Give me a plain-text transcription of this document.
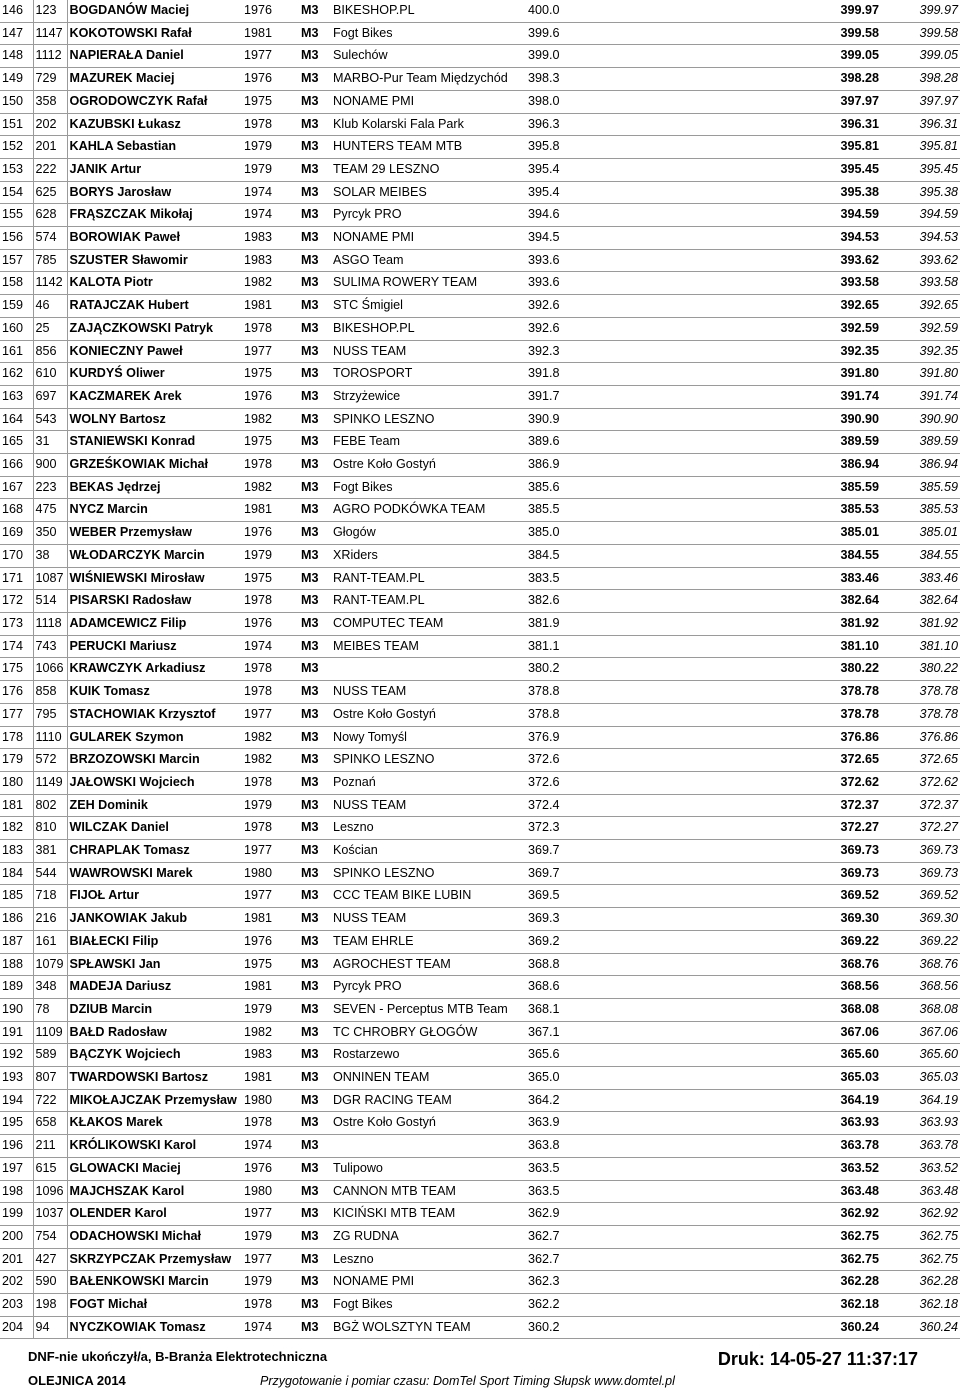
146	123	BOGDANÓW Maciej	1976	M3	BIKESHOP.PL	400.0	399.97	399.97
147	1147	KOKOTOWSKI Rafał	1981	M3	Fogt Bikes	399.6	399.58	399.58
148	1112	NAPIERAŁA Daniel	1977	M3	Sulechów	399.0	399.05	399.05
149	729	MAZUREK Maciej	1976	M3	MARBO-Pur Team Międzychód	398.3	398.28	398.28
150	358	OGRODOWCZYK Rafał	1975	M3	NONAME PMI	398.0	397.97	397.97
151	202	KAZUBSKI Łukasz	1978	M3	Klub Kolarski Fala Park	396.3	396.31	396.31
152	201	KAHLA Sebastian	1979	M3	HUNTERS TEAM MTB	395.8	395.81	395.81
153	222	JANIK Artur	1979	M3	TEAM 29 LESZNO	395.4	395.45	395.45
154	625	BORYS Jarosław	1974	M3	SOLAR MEIBES	395.4	395.38	395.38
155	628	FRĄSZCZAK Mikołaj	1974	M3	Pyrcyk PRO	394.6	394.59	394.59
156	574	BOROWIAK Paweł	1983	M3	NONAME PMI	394.5	394.53	394.53
157	785	SZUSTER Sławomir	1983	M3	ASGO Team	393.6	393.62	393.62
158	1142	KALOTA Piotr	1982	M3	SULIMA ROWERY TEAM	393.6	393.58	393.58
159	46	RATAJCZAK Hubert	1981	M3	STC Śmigiel	392.6	392.65	392.65
160	25	ZAJĄCZKOWSKI Patryk	1978	M3	BIKESHOP.PL	392.6	392.59	392.59
161	856	KONIECZNY Paweł	1977	M3	NUSS TEAM	392.3	392.35	392.35
162	610	KURDYŚ Oliwer	1975	M3	TOROSPORT	391.8	391.80	391.80
163	697	KACZMAREK Arek	1976	M3	Strzyżewice	391.7	391.74	391.74
164	543	WOLNY Bartosz	1982	M3	SPINKO LESZNO	390.9	390.90	390.90
165	31	STANIEWSKI Konrad	1975	M3	FEBE Team	389.6	389.59	389.59
166	900	GRZEŚKOWIAK Michał	1978	M3	Ostre Koło Gostyń	386.9	386.94	386.94
167	223	BEKAS Jędrzej	1982	M3	Fogt Bikes	385.6	385.59	385.59
168	475	NYCZ Marcin	1981	M3	AGRO PODKÓWKA TEAM	385.5	385.53	385.53
169	350	WEBER Przemysław	1976	M3	Głogów	385.0	385.01	385.01
170	38	WŁODARCZYK Marcin	1979	M3	XRiders	384.5	384.55	384.55
171	1087	WIŚNIEWSKI Mirosław	1975	M3	RANT-TEAM.PL	383.5	383.46	383.46
172	514	PISARSKI Radosław	1978	M3	RANT-TEAM.PL	382.6	382.64	382.64
173	1118	ADAMCEWICZ Filip	1976	M3	COMPUTEC TEAM	381.9	381.92	381.92
174	743	PERUCKI Mariusz	1974	M3	MEIBES TEAM	381.1	381.10	381.10
175	1066	KRAWCZYK Arkadiusz	1978	M3		380.2	380.22	380.22
176	858	KUIK Tomasz	1978	M3	NUSS TEAM	378.8	378.78	378.78
177	795	STACHOWIAK Krzysztof	1977	M3	Ostre Koło Gostyń	378.8	378.78	378.78
178	1110	GULAREK Szymon	1982	M3	Nowy Tomyśl	376.9	376.86	376.86
179	572	BRZOZOWSKI Marcin	1982	M3	SPINKO LESZNO	372.6	372.65	372.65
180	1149	JAŁOWSKI Wojciech	1978	M3	Poznań	372.6	372.62	372.62
181	802	ZEH Dominik	1979	M3	NUSS TEAM	372.4	372.37	372.37
182	810	WILCZAK Daniel	1978	M3	Leszno	372.3	372.27	372.27
183	381	CHRAPLAK Tomasz	1977	M3	Kościan	369.7	369.73	369.73
184	544	WAWROWSKI Marek	1980	M3	SPINKO LESZNO	369.7	369.73	369.73
185	718	FIJOŁ Artur	1977	M3	CCC TEAM BIKE LUBIN	369.5	369.52	369.52
186	216	JANKOWIAK Jakub	1981	M3	NUSS TEAM	369.3	369.30	369.30
187	161	BIAŁECKI Filip	1976	M3	TEAM EHRLE	369.2	369.22	369.22
188	1079	SPŁAWSKI Jan	1975	M3	AGROCHEST TEAM	368.8	368.76	368.76
189	348	MADEJA Dariusz	1981	M3	Pyrcyk PRO	368.6	368.56	368.56
190	78	DZIUB Marcin	1979	M3	SEVEN - Perceptus MTB Team	368.1	368.08	368.08
191	1109	BAŁD Radosław	1982	M3	TC CHROBRY GŁOGÓW	367.1	367.06	367.06
192	589	BĄCZYK Wojciech	1983	M3	Rostarzewo	365.6	365.60	365.60
193	807	TWARDOWSKI Bartosz	1981	M3	ONNINEN TEAM	365.0	365.03	365.03
194	722	MIKOŁAJCZAK Przemysław	1980	M3	DGR RACING TEAM	364.2	364.19	364.19
195	658	KŁAKOS Marek	1978	M3	Ostre Koło Gostyń	363.9	363.93	363.93
196	211	KRÓLIKOWSKI Karol	1974	M3		363.8	363.78	363.78
197	615	GLOWACKI Maciej	1976	M3	Tulipowo	363.5	363.52	363.52
198	1096	MAJCHSZAK Karol	1980	M3	CANNON MTB TEAM	363.5	363.48	363.48
199	1037	OLENDER Karol	1977	M3	KICIŃSKI MTB TEAM	362.9	362.92	362.92
200	754	ODACHOWSKI Michał	1979	M3	ZG RUDNA	362.7	362.75	362.75
201	427	SKRZYPCZAK Przemysław	1977	M3	Leszno	362.7	362.75	362.75
202	590	BAŁENKOWSKI Marcin	1979	M3	NONAME PMI	362.3	362.28	362.28
203	198	FOGT Michał	1978	M3	Fogt Bikes	362.2	362.18	362.18
204	94	NYCZKOWIAK Tomasz	1974	M3	BGŻ WOLSZTYN TEAM	360.2	360.24	360.24
DNF-nie ukończył/a, B-Branża Elektrotechniczna
OLEJNICA 2014	Przygotowanie i pomiar czasu: DomTel Sport Timing Słupsk www.domtel.pl
Druk: 14-05-27 11:37:17
